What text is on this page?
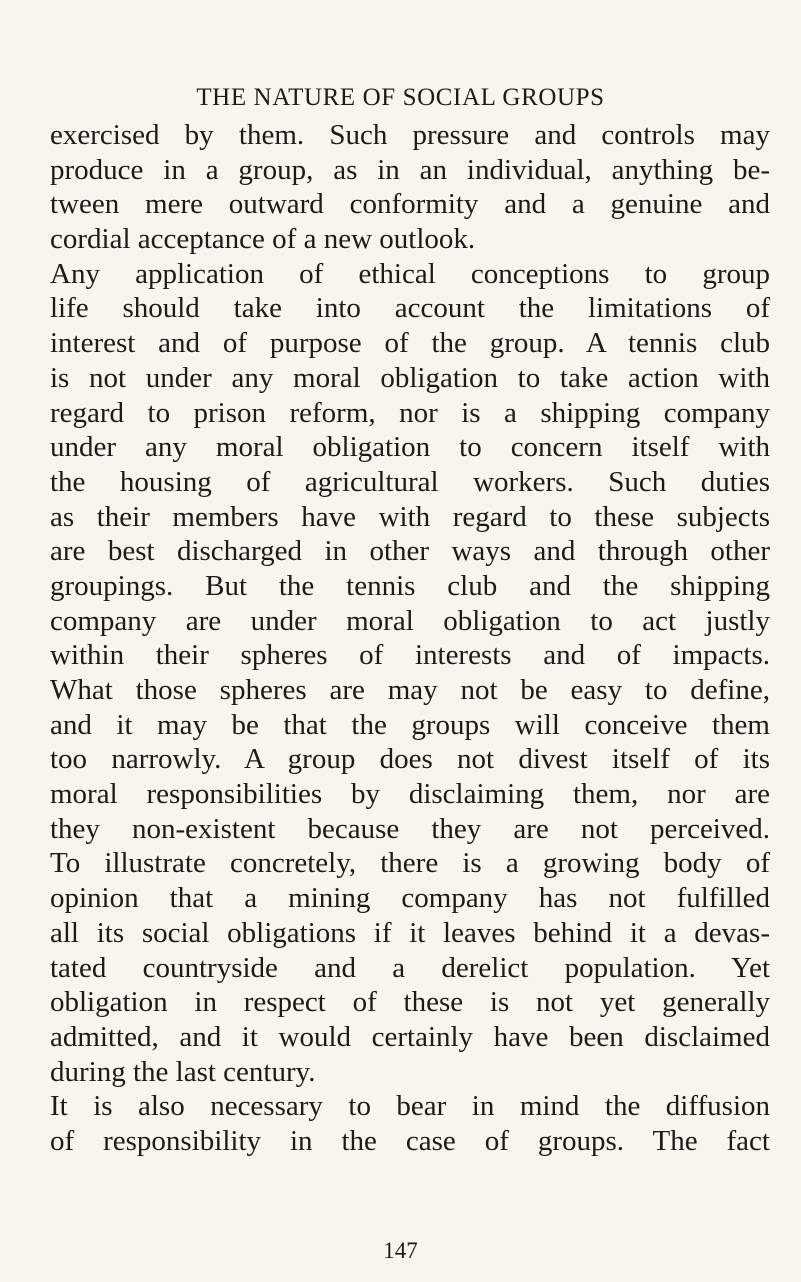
THE NATURE OF SOCIAL GROUPS
exercised by them. Such pressure and controls may
produce in a group, as in an individual, anything be-
tween mere outward conformity and a genuine and
cordial acceptance of a new outlook.
Any application of ethical conceptions to group
life should take into account the limitations of
interest and of purpose of the group. A tennis club
is not under any moral obligation to take action with
regard to prison reform, nor is a shipping company
under any moral obligation to concern itself with
the housing of agricultural workers. Such duties
as their members have with regard to these subjects
are best discharged in other ways and through other
groupings. But the tennis club and the shipping
company are under moral obligation to act justly
within their spheres of interests and of impacts.
What those spheres are may not be easy to define,
and it may be that the groups will conceive them
too narrowly. A group does not divest itself of its
moral responsibilities by disclaiming them, nor are
they non-existent because they are not perceived.
To illustrate concretely, there is a growing body of
opinion that a mining company has not fulfilled
all its social obligations if it leaves behind it a devas-
tated countryside and a derelict population. Yet
obligation in respect of these is not yet generally
admitted, and it would certainly have been disclaimed
during the last century.
It is also necessary to bear in mind the diffusion
of responsibility in the case of groups. The fact
147
